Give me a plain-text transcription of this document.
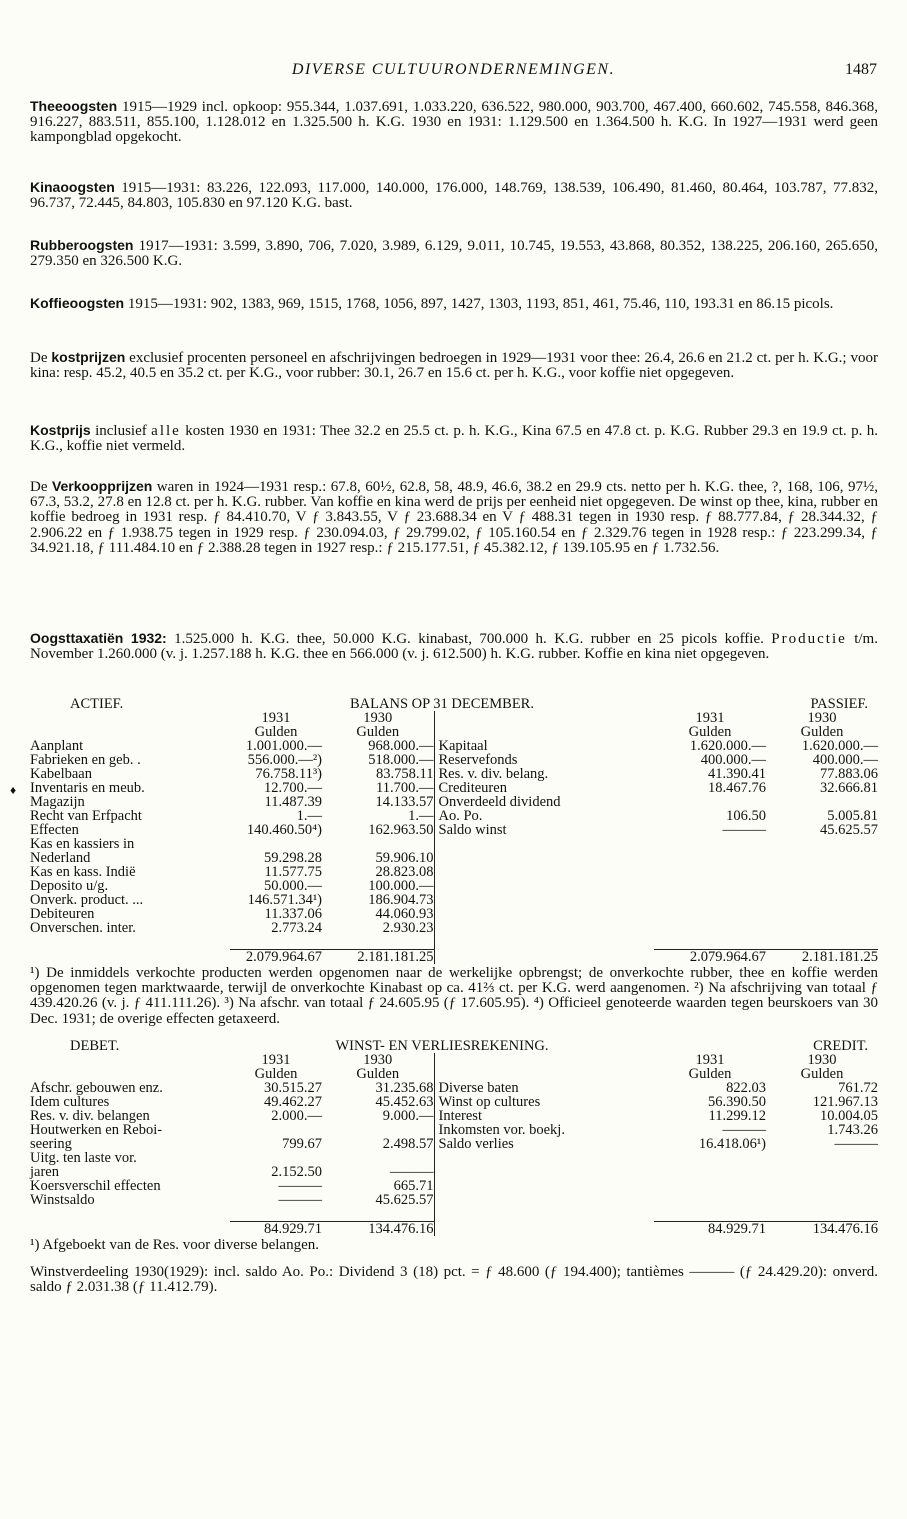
DIVERSE CULTUURONDERNEMINGEN.	1487
Theeoogsten 1915—1929 incl. opkoop: 955.344, 1.037.691, 1.033.220, 636.522, 980.000, 903.700, 467.400, 660.602, 745.558, 846.368, 916.227, 883.511, 855.100, 1.128.012 en 1.325.500 h. K.G. 1930 en 1931: 1.129.500 en 1.364.500 h. K.G. In 1927—1931 werd geen kampongblad opgekocht.
Kinaoogsten 1915—1931: 83.226, 122.093, 117.000, 140.000, 176.000, 148.769, 138.539, 106.490, 81.460, 80.464, 103.787, 77.832, 96.737, 72.445, 84.803, 105.830 en 97.120 K.G. bast.
Rubberoogsten 1917—1931: 3.599, 3.890, 706, 7.020, 3.989, 6.129, 9.011, 10.745, 19.553, 43.868, 80.352, 138.225, 206.160, 265.650, 279.350 en 326.500 K.G.
Koffieoogsten 1915—1931: 902, 1383, 969, 1515, 1768, 1056, 897, 1427, 1303, 1193, 851, 461, 75.46, 110, 193.31 en 86.15 picols.
De kostprijzen exclusief procenten personeel en afschrijvingen bedroegen in 1929—1931 voor thee: 26.4, 26.6 en 21.2 ct. per h. K.G.; voor kina: resp. 45.2, 40.5 en 35.2 ct. per K.G., voor rubber: 30.1, 26.7 en 15.6 ct. per h. K.G., voor koffie niet opgegeven.
Kostprijs inclusief alle kosten 1930 en 1931: Thee 32.2 en 25.5 ct. p. h. K.G., Kina 67.5 en 47.8 ct. p. K.G. Rubber 29.3 en 19.9 ct. p. h. K.G., koffie niet vermeld.
♦
De Verkoopprijzen waren in 1924—1931 resp.: 67.8, 60½, 62.8, 58, 48.9, 46.6, 38.2 en 29.9 cts. netto per h. K.G. thee, ?, 168, 106, 97½, 67.3, 53.2, 27.8 en 12.8 ct. per h. K.G. rubber. Van koffie en kina werd de prijs per eenheid niet opgegeven. De winst op thee, kina, rubber en koffie bedroeg in 1931 resp. ƒ 84.410.70, V ƒ 3.843.55, V ƒ 23.688.34 en V ƒ 488.31 tegen in 1930 resp. ƒ 88.777.84, ƒ 28.344.32, ƒ 2.906.22 en ƒ 1.938.75 tegen in 1929 resp. ƒ 230.094.03, ƒ 29.799.02, ƒ 105.160.54 en ƒ 2.329.76 tegen in 1928 resp.: ƒ 223.299.34, ƒ 34.921.18, ƒ 111.484.10 en ƒ 2.388.28 tegen in 1927 resp.: ƒ 215.177.51, ƒ 45.382.12, ƒ 139.105.95 en ƒ 1.732.56.
Oogsttaxatiën 1932: 1.525.000 h. K.G. thee, 50.000 K.G. kinabast, 700.000 h. K.G. rubber en 25 picols koffie. Productie t/m. November 1.260.000 (v. j. 1.257.188 h. K.G. thee en 566.000 (v. j. 612.500) h. K.G. rubber. Koffie en kina niet opgegeven.
ACTIEF.	BALANS OP 31 DECEMBER.				PASSIEF.
	1931	1930		1931	1930
	Gulden	Gulden		Gulden	Gulden
Aanplant	1.001.000.—	968.000.—	Kapitaal	1.620.000.—	1.620.000.—
Fabrieken en geb. .	556.000.—²)	518.000.—	Reservefonds	400.000.—	400.000.—
Kabelbaan	76.758.11³)	83.758.11	Res. v. div. belang.	41.390.41	77.883.06
Inventaris en meub.	12.700.—	11.700.—	Crediteuren	18.467.76	32.666.81
Magazijn	11.487.39	14.133.57	Onverdeeld dividend		
Recht van Erfpacht	1.—	1.—	Ao. Po.	106.50	5.005.81
Effecten	140.460.50⁴)	162.963.50	Saldo winst	———	45.625.57
Kas en kassiers in					
Nederland	59.298.28	59.906.10			
Kas en kass. Indië	11.577.75	28.823.08			
Deposito u/g.	50.000.—	100.000.—			
Onverk. product. ...	146.571.34¹)	186.904.73			
Debiteuren	11.337.06	44.060.93			
Onverschen. inter.	2.773.24	2.930.23			

	2.079.964.67	2.181.181.25		2.079.964.67	2.181.181.25
¹) De inmiddels verkochte producten werden opgenomen naar de werkelijke opbrengst; de onverkochte rubber, thee en koffie werden opgenomen tegen marktwaarde, terwijl de onverkochte Kinabast op ca. 41⅔ ct. per K.G. werd aangenomen. ²) Na afschrijving van totaal ƒ 439.420.26 (v. j. ƒ 411.111.26). ³) Na afschr. van totaal ƒ 24.605.95 (ƒ 17.605.95). ⁴) Officieel genoteerde waarden tegen beurskoers van 30 Dec. 1931; de overige effecten getaxeerd.
DEBET.	WINST- EN VERLIESREKENING.				CREDIT.
	1931	1930		1931	1930
	Gulden	Gulden		Gulden	Gulden
Afschr. gebouwen enz.	30.515.27	31.235.68	Diverse baten	822.03	761.72
Idem cultures	49.462.27	45.452.63	Winst op cultures	56.390.50	121.967.13
Res. v. div. belangen	2.000.—	9.000.—	Interest	11.299.12	10.004.05
Houtwerken en Reboi-			Inkomsten vor. boekj.	———	1.743.26
seering	799.67	2.498.57	Saldo verlies	16.418.06¹)	———
Uitg. ten laste vor.					
jaren	2.152.50	———			
Koersverschil effecten	———	665.71			
Winstsaldo	———	45.625.57			

	84.929.71	134.476.16		84.929.71	134.476.16
¹) Afgeboekt van de Res. voor diverse belangen.
Winstverdeeling 1930(1929): incl. saldo Ao. Po.: Dividend 3 (18) pct. = ƒ 48.600 (ƒ 194.400); tantièmes ——— (ƒ 24.429.20): onverd. saldo ƒ 2.031.38 (ƒ 11.412.79).
